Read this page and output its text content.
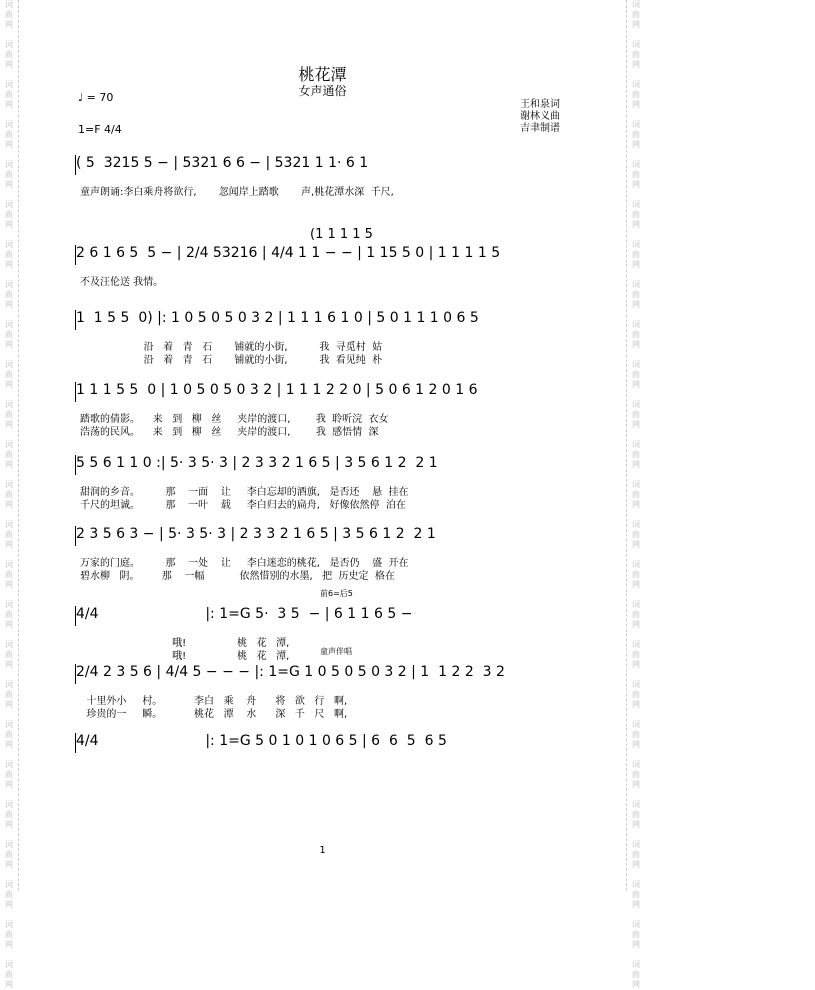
词
曲
网

词
曲
网

词
曲
网

词
曲
网

词
曲
网

词
曲
网

词
曲
网

词
曲
网

词
曲
网

词
曲
网

词
曲
网

词
曲
网

词
曲
网

词
曲
网

词
曲
网

词
曲
网

词
曲
网

词
曲
网

词
曲
网

词
曲
网

词
曲
网

词
曲
网

词
曲
网

词
曲
网

词
曲
网

词
曲
网

词
曲
网

词
曲
网

词
曲
网

词
曲
网

词
曲
网

词
曲
网

词
曲
网

词
曲
网

词
曲
网

词
曲
网

词
曲
网

词
曲
网

词
曲
网

词
曲
网

词
曲
网

词
曲
网

词
曲
网

词
曲
网

词
曲
网

词
曲
网

词
曲
网

词
曲
网

词
曲
网

词
曲
网

桃花潭
女声通俗
♩ = 70
1=F 4/4
王和泉词
谢林义曲
吉聿制谱
( 5  3215 5 − | 5321 6 6 − | 5321 1 1· 6 1
童声朗诵:李白乘舟将欲行,       忽闻岸上踏歌       声,桃花潭水深  千尺,
(1 1 1 1 5
2 6 1 6 5  5 − | 2/4 53216 | 4/4 1 1 − − | 1 15 5 0 | 1 1 1 1 5
不及汪伦送 我情。
1  1 5 5  0) |: 1 0 5 0 5 0 3 2 | 1 1 1 6 1 0 | 5 0 1 1 1 0 6 5
沿   着   青   石       铺就的小街,          我  寻觅村  姑
沿   着   青   石       铺就的小街,          我  看见纯  朴
1 1 1 5 5  0 | 1 0 5 0 5 0 3 2 | 1 1 1 2 2 0 | 5 0 6 1 2 0 1 6
踏歌的倩影。    来   到   柳   丝     夹岸的渡口,        我  聆听浣  衣女
浩荡的民风。    来   到   柳   丝     夹岸的渡口,        我  感悟情  深
5 5 6 1 1 0 :| 5· 3 5· 3 | 2 3 3 2 1 6 5 | 3 5 6 1 2  2 1
甜润的乡音。        那    一面    让     李白忘却的酒旗,   是否还    悬  挂在
千尺的坦诚。        那    一叶    载     李白归去的扁舟,   好像依然停  泊在
2 3 5 6 3 − | 5· 3 5· 3 | 2 3 3 2 1 6 5 | 3 5 6 1 2  2 1
万家的门庭。        那    一处    让     李白迷恋的桃花,   是否仍    盛  开在
碧水柳   阴。       那    一幅           依然惜别的水墨,   把  历史定  格在
前6=后5
4/4                        |: 1=G 5·  3 5  − | 6 1 1 6 5 −
哦!                桃   花   潭,
哦!                桃   花   潭,	童声伴唱
2/4 2 3 5 6 | 4/4 5 − − − |: 1=G 1 0 5 0 5 0 3 2 | 1  1 2 2  3 2
十里外小     村。          李白   乘    舟      将   欲   行   啊,
珍贵的一     瞬。          桃花   潭    水      深   千   尺   啊,
4/4                        |: 1=G 5 0 1 0 1 0 6 5 | 6  6  5  6 5
1
